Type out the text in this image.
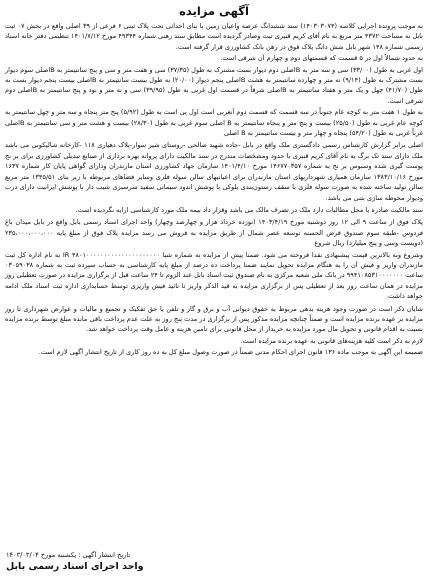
آگهی مزایده

به موجب پرونده اجرایی کلاسه (۱۴۰۳۰۳۰۷۴) سند ششدانگ عرصه واعیان زمین با بنای احداثی تحت پلاک ثبتی ۶ فرعی از ۳۹ اصلی واقع در بخش ۰۷ ثبت بابل به مساحت ۴۳۷۲ متر مربع به نام آقای کریم قنبری ثبت وصادر گردیده است مطابق سند رهنی شماره ۴۹۳۴۴ مورخ ۱۴۰۱/۷/۱۲ تنظیمی دفتر خانه اسناد رسمی شماره ۱۴۸ شهر بابل شش دانگ پلاک فوق در رهن بانک کشاورزی قرار گرفته است.

به حدود شمالاً اول در ۵ قسمت که قسمتهای دوم و چهارم آن شرقی است.

اول غربی به طول (۳۳/۰۰) سی و سه متر به Bاصلی دوم دیوار بست مشترک به طول (۳۷/۳۵) سی و هفت متر و سی و پنج سانتیمتر به Bاصلی سوم دیوار بست مشترک به طول (۹/۱۴) نه متر و چهارده سانتیمتر به هشت Bاصلی پنجم دیوار (۲۰/۰۰) به طول بیست سانتیمتر به Bاصلی بیست پنجم دیوار بست به طول (۴۱/۷۰) چهل و یک متر و هفتاد سانتیمتر به Bاصلی شرقاً در قسمت اول غربی به طول (۳۹/۹۵) سی و نه متر و نود و پنج سانتیمتر به Bاصلی دوم شرقی است.

به طول ۱ هفت متر به کوچه عام جنوباً در سه قسمت که قسمت دوم آنغربی است اول پی است به طول (۵/۹۲) پنج متر پنجاه و سه متر و چهل سانتیمتر به کوچه عام غربی به طول (۲۵/۵۰) بیست و پنج متر و پنجاه سانتیمتر به B اصلی سوم غربی به طول (۲۸/۳۰) بیست و هشت متر و سی سانتیمتر به Bاصلی غرباً غربی به طول (۵۴/۲۰) پنجاه و چهار متر و بیست سانتیمتر به B اصلی

اصلی برابر گزارش کارشناس رسمی دادگستری ملک واقع در بابل -جاده شهید صالحی -روستای شیر سوار-پلاک دهیاری ۱۱۸ -کارخانه شالیکوبی می باشد ملک دارای سند تک برگ به نام آقای کریم قنبری با حدود ومشخصات مندرج در سند مالکیت دارای پروانه بهره برداری از صنایع تبدیلی کشاورزی برای بر نج پوست گیری شده وسبوس بر نج به شماره ۱۴۶۷۷۰۳۵۷ مورخ ۱۴۰۱/۴/۱۰ سازمان جهاد کشاورزی استان مازندران ودارای گواهی پایان کار شماره ۱۶۳۷ مورخ ۱۳۸۳/۱۰/۱۶ سازمان همیاری شهرداریهای استان مازندران برای اعیانیهای سالن سوله فلزی وسایر فضاهای مربوطه با زیر بنای ۱۳۴۵/۵۱ متر مربع سالن تولید ساخته شده به صورت سوله فلزی با سقف رستون‌بندی بلوکی با پوشش اندود سیمانی سفید سرسبزی شیب دار با پوشش ایرانیت دارای درب ودیوار محوطه سازی بتنی می باشد.

سند مالکیت صادره یا محل مطالبات دارد ملک در تصرف مالک می باشد وقرار داد بیمه ملک مورد کارشناسی ارایه نگردیده است.

پلاک فوق از ساعت ۹ الی ۱۲ روز دوشنبه مورخ ۱۴۰۳/۴/۱۹ (نوزده خرداد هزار و چهارصد وچهار) واحد اجرای اسناد رسمی بابل واقع در بابل میدان باغ فردوس -طبقه سوم صندوق قرض الحسنه توسعه عصر شمال از طریق مزایده به فروش می رسد مزایده پلاک فوق از مبلغ پایه ۲۳۵،۰۰۰،۰۰۰،۰۰۰ (دویست وسی و پنج میلیارد) ریال شروع

وشروع وبه بالاترین قیمت پیشنهادی نقدا فروخته می شود. ضمنا پیش از مزایده به شماره شبا IR ۴۸۰۱۰۰۰۰۰۰۰۰۰۰۰۰۰۰۰۰۰۰۰۰۰ به نام اداره کل ثبت مازندران واریز و فیش آن را به هنگام مزایده تحویل نمایند ضمنا پرداخت ده درصد از مبلغ پایه کارشناسی به حساب سپرده ثبت به شماره ۰۳۰۵۹۰۳۸ ساعت ۹۹۴۱۰۸۵۳۱۰۰۰۰۰۰۰ در بانک ملی شعبه مرکزی به نام صندوق ثبت اسناد بابل عند الزوم تا ۲۴ ساعت قبل از برگزاری مزایده در صورت تعطیلی روز مزایده در همان ساعت روز بعد از تعطیلی پس از برگزاری مزایده به قید الذکر واریز تا تائید فیش واریزی توسط حسابداری اداره ثبت اسناد ملک ادامه خواهد داشت.

شایان ذکر است در صورت وجود هزینه بدهی مربوط به حقوق دیوانی آب و برق و گاز و تلفن یا حق تفکیک و تجمیع و مالیات و عوارض شهرداری تا روز مزایده بر عهده برنده مزایده است و ضمناً چنانچه مزایده مذکور پس از برگزاری در مدت پنج روز به علت عدم پرداخت باقی مانده مبلغ توسط برنده مزایده نسبت به اقدام قانونی و تحویل مال مورد مزایده به خریدار از محل قانونی برای تامین هزینه و عامل وقت پرداخت خواهد شد.

لازم به ذکر است کلیه هزینه‌های قانونی به عهده برنده مزایده است.

ضمیمه این آگهی به موجب ماده ۱۳۶ قانون اجرای احکام مدنی ضمناً در صورت وصول مبلغ کل به ده روز کاری از تاریخ انتشار آگهی لازم است.

تاریخ انتشار آگهی : یکشنبه مورخ ۱۴۰۳/۰۳/۰۴
واحد اجرای اسناد رسمی بابل
